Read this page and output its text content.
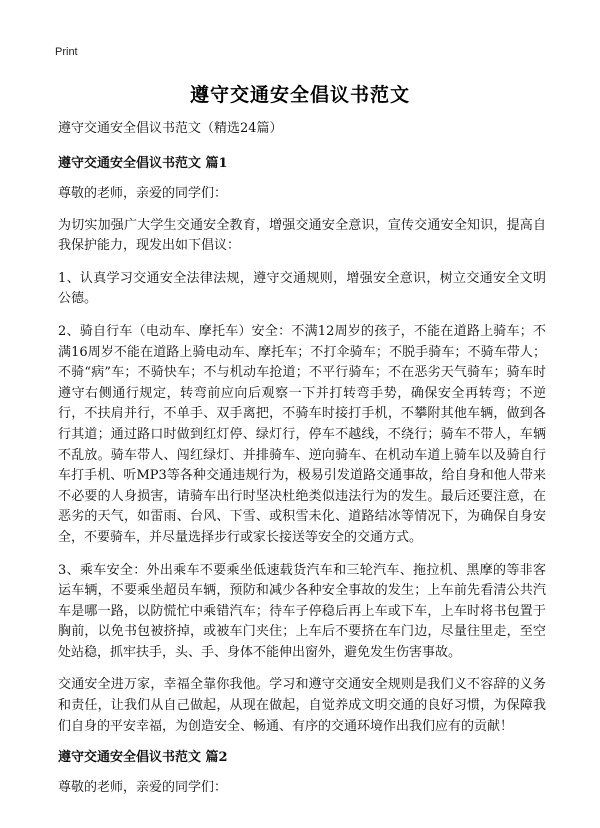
Print
遵守交通安全倡议书范文
遵守交通安全倡议书范文（精选24篇）
遵守交通安全倡议书范文 篇1

尊敬的老师，亲爱的同学们：

为切实加强广大学生交通安全教育，增强交通安全意识，宣传交通安全知识，提高自我保护能力，现发出如下倡议：

1、认真学习交通安全法律法规，遵守交通规则，增强安全意识，树立交通安全文明公德。

2、骑自行车（电动车、摩托车）安全：不满12周岁的孩子，不能在道路上骑车；不满16周岁不能在道路上骑电动车、摩托车；不打伞骑车；不脱手骑车；不骑车带人；不骑“病”车；不骑快车；不与机动车抢道；不平行骑车；不在恶劣天气骑车；骑车时遵守右侧通行规定，转弯前应向后观察一下并打转弯手势，确保安全再转弯；不逆行，不扶肩并行，不单手、双手离把，不骑车时接打手机，不攀附其他车辆，做到各行其道；通过路口时做到红灯停、绿灯行，停车不越线，不绕行；骑车不带人，车辆不乱放。骑车带人、闯红绿灯、并排骑车、逆向骑车、在机动车道上骑车以及骑自行车打手机、听MP3等各种交通违规行为，极易引发道路交通事故，给自身和他人带来不必要的人身损害，请骑车出行时坚决杜绝类似违法行为的发生。最后还要注意，在恶劣的天气，如雷雨、台风、下雪、或积雪未化、道路结冰等情况下，为确保自身安全，不要骑车，并尽量选择步行或家长接送等安全的交通方式。

3、乘车安全：外出乘车不要乘坐低速载货汽车和三轮汽车、拖拉机、黑摩的等非客运车辆，不要乘坐超员车辆，预防和减少各种安全事故的发生；上车前先看清公共汽车是哪一路，以防慌忙中乘错汽车；待车子停稳后再上车或下车，上车时将书包置于胸前，以免书包被挤掉，或被车门夹住；上车后不要挤在车门边，尽量往里走，至空处站稳，抓牢扶手，头、手、身体不能伸出窗外，避免发生伤害事故。

交通安全进万家，幸福全靠你我他。学习和遵守交通安全规则是我们义不容辞的义务和责任，让我们从自己做起，从现在做起，自觉养成文明交通的良好习惯，为保障我们自身的平安幸福，为创造安全、畅通、有序的交通环境作出我们应有的贡献！

遵守交通安全倡议书范文 篇2

尊敬的老师，亲爱的同学们：
